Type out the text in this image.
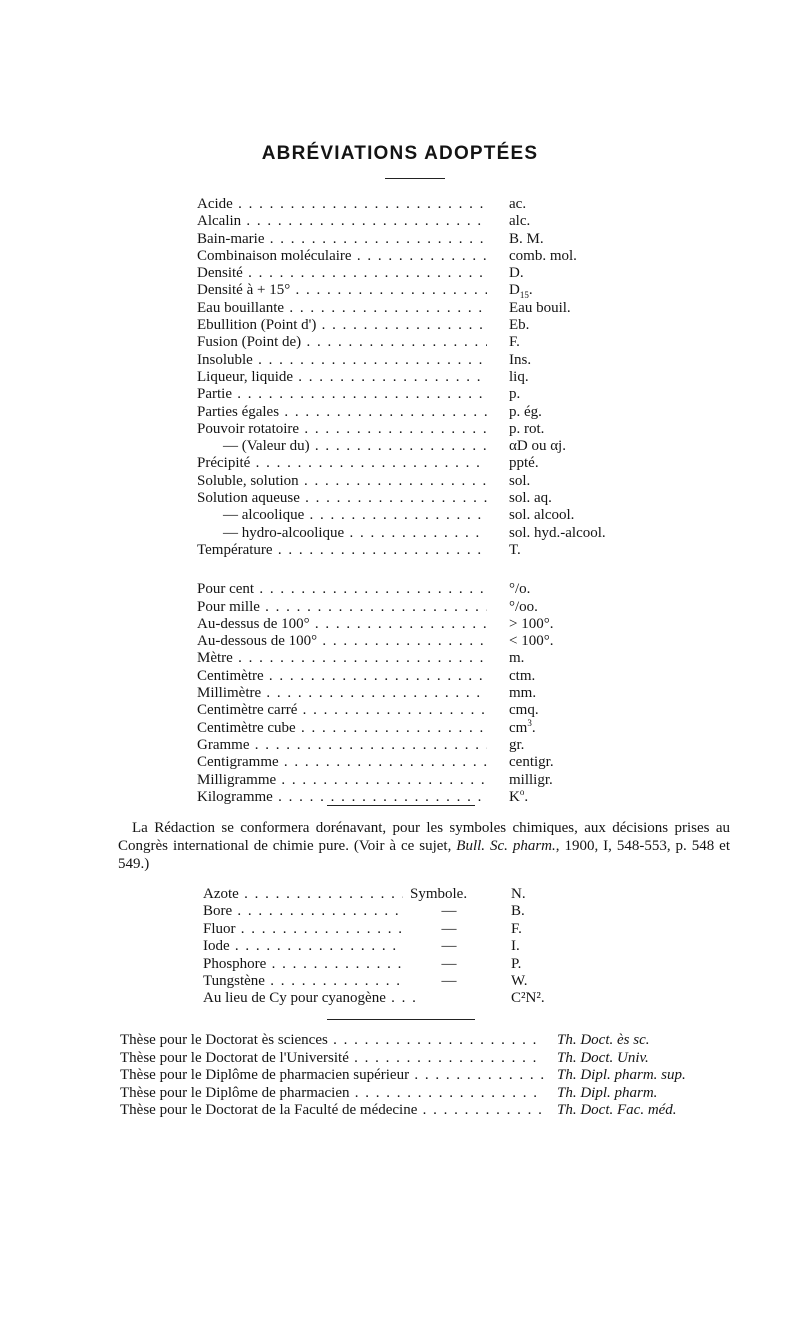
ABRÉVIATIONS ADOPTÉES
Acide . . .	ac.
Alcalin . . .	alc.
Bain-marie . . .	B. M.
Combinaison moléculaire . . .	comb. mol.
Densité . . .	D.
Densité à + 15° . . .	$D_{15}$.
Eau bouillante . . .	Eau bouil.
Ebullition (Point d') . . .	Eb.
Fusion (Point de) . . .	F.
Insoluble . . .	Ins.
Liqueur, liquide . . .	liq.
Partie . . .	p.
Parties égales . . .	p. ég.
Pouvoir rotatoire . . .	p. rot.
— (Valeur du) . . .	αD ou αj.
Précipité . . .	ppté.
Soluble, solution . . .	sol.
Solution aqueuse . . .	sol. aq.
— alcoolique . . .	sol. alcool.
— hydro-alcoolique . . .	sol. hyd.-alcool.
Température . . .	T.
Pour cent . . .	°/o.
Pour mille . . .	°/oo.
Au-dessus de 100° . . .	> 100°.
Au-dessous de 100° . . .	< 100°.
Mètre . . .	m.
Centimètre . . .	ctm.
Millimètre . . .	mm.
Centimètre carré . . .	cmq.
Centimètre cube . . .	$cm^3$.
Gramme . . .	gr.
Centigramme . . .	centigr.
Milligramme . . .	milligr.
Kilogramme . . .	$K^o$.

La Rédaction se conformera dorénavant, pour les symboles chimiques, aux décisions prises au Congrès international de chimie pure. (Voir à ce sujet, Bull. Sc. pharm., 1900, I, 548-553, p. 548 et 549.)

Azote . . .	Symbole.	N.
Bore . . .	—	B.
Fluor . . .	—	F.
Iode . . .	—	I.
Phosphore . . .	—	P.
Tungstène . . .	—	W.
Au lieu de Cy pour cyanogène . . .	C²N².
Thèse pour le Doctorat ès sciences . . .	Th. Doct. ès sc.
Thèse pour le Doctorat de l'Université . . .	Th. Doct. Univ.
Thèse pour le Diplôme de pharmacien supérieur . . .	Th. Dipl. pharm. sup.
Thèse pour le Diplôme de pharmacien . . .	Th. Dipl. pharm.
Thèse pour le Doctorat de la Faculté de médecine . . .	Th. Doct. Fac. méd.
